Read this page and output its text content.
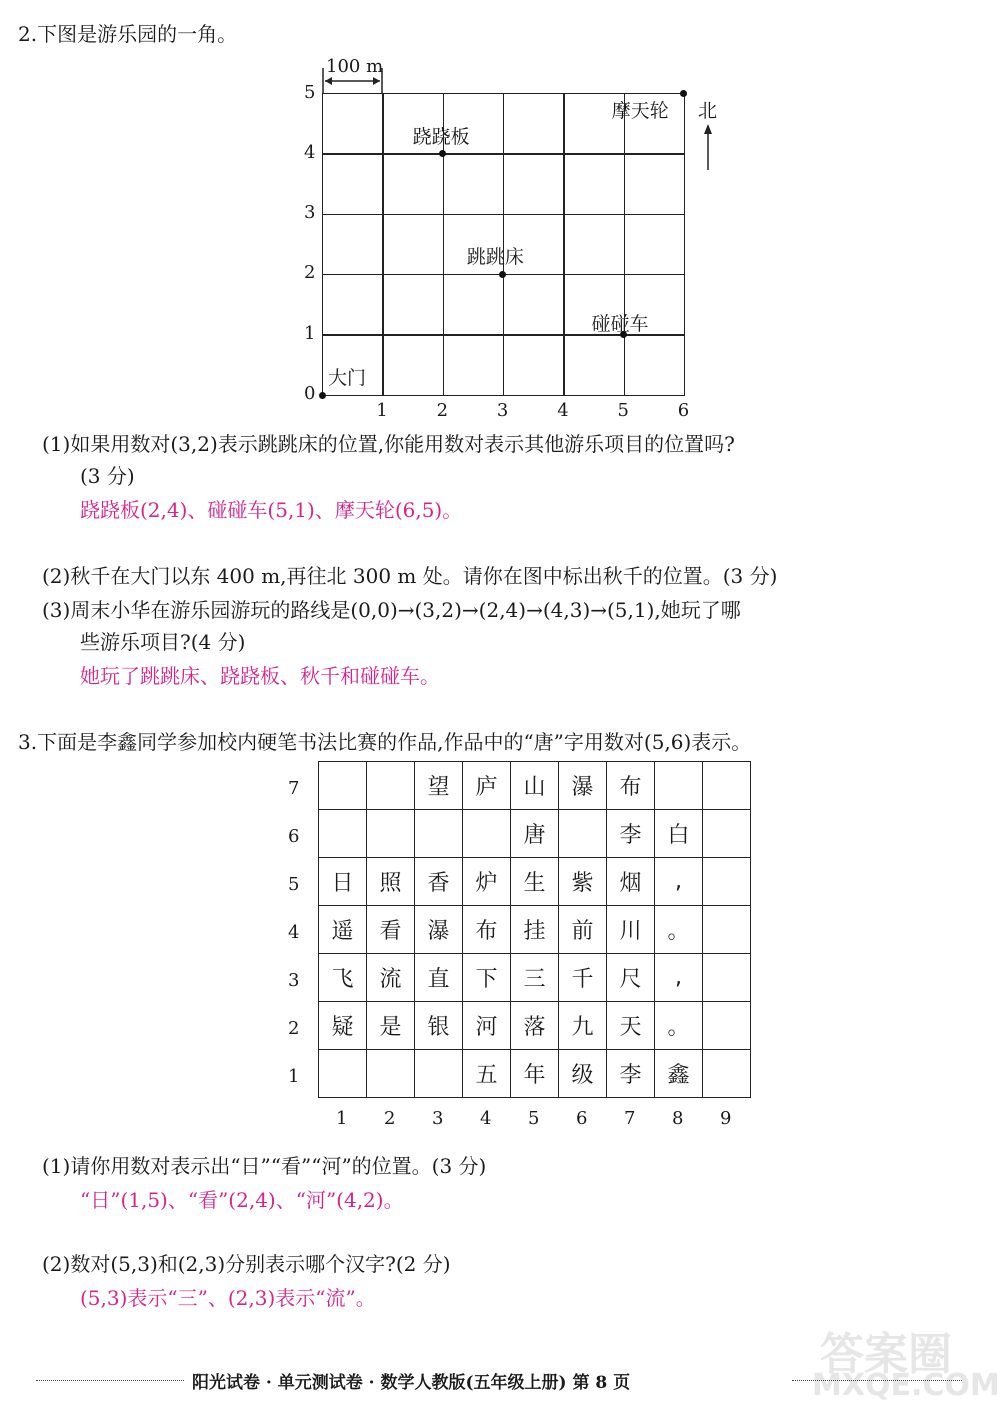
2.下图是游乐园的一角。
100 m
北
0
1
2
3
4
5
1	2	3	4	5	6
跷跷板
跳跳床
碰碰车
摩天轮
大门
(1)如果用数对(3,2)表示跳跳床的位置,你能用数对表示其他游乐项目的位置吗?
(3 分)
跷跷板(2,4)、碰碰车(5,1)、摩天轮(6,5)。
(2)秋千在大门以东 400 m,再往北 300 m 处。请你在图中标出秋千的位置。(3 分)
(3)周末小华在游乐园游玩的路线是(0,0)→(3,2)→(2,4)→(4,3)→(5,1),她玩了哪
些游乐项目?(4 分)
她玩了跳跳床、跷跷板、秋千和碰碰车。
3.下面是李鑫同学参加校内硬笔书法比赛的作品,作品中的“唐”字用数对(5,6)表示。
		望	庐	山	瀑	布		
				唐		李	白	
日	照	香	炉	生	紫	烟	,	
遥	看	瀑	布	挂	前	川	。	
飞	流	直	下	三	千	尺	,	
疑	是	银	河	落	九	天	。	
			五	年	级	李	鑫	
7
6
5
4
3
2
1
1 2 3 4 5 6 7 8 9
(1)请你用数对表示出“日”“看”“河”的位置。(3 分)
“日”(1,5)、“看”(2,4)、“河”(4,2)。
(2)数对(5,3)和(2,3)分别表示哪个汉字?(2 分)
(5,3)表示“三”、(2,3)表示“流”。
答案圈
MXQE.COM
阳光试卷 · 单元测试卷 · 数学人教版(五年级上册) 第 8 页
